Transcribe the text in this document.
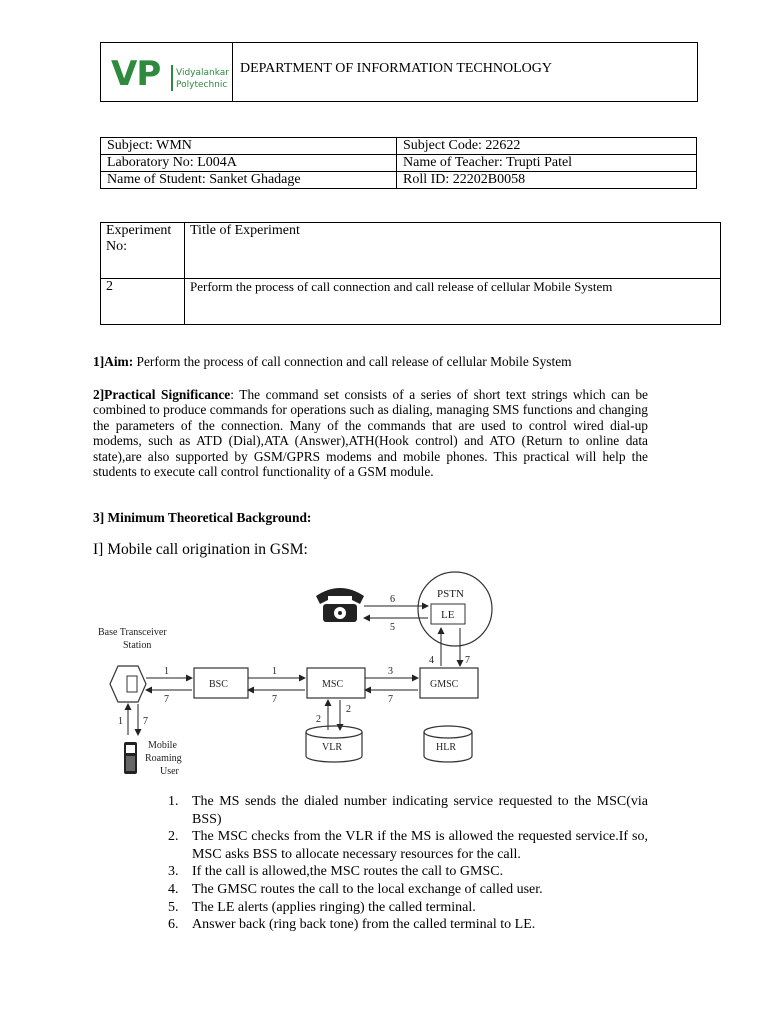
VP Vidyalankar
Polytechnic
DEPARTMENT OF INFORMATION TECHNOLOGY
Subject: WMN	Subject Code: 22622
Laboratory No: L004A	Name of Teacher: Trupti Patel
Name of Student: Sanket Ghadage	Roll ID: 22202B0058
Experiment No:	Title of Experiment
2	Perform the process of call connection and call release of cellular Mobile System
1]Aim: Perform the process of call connection and call release of cellular Mobile System

2]Practical Significance: The command set consists of a series of short text strings which can be combined to produce commands for operations such as dialing, managing SMS functions and changing the parameters of the connection. Many of the commands that are used to control wired dial-up modems, such as ATD (Dial),ATA (Answer),ATH(Hook control) and ATO (Return to online data state),are also supported by GSM/GPRS modems and mobile phones. This practical will help the students to execute call control functionality of a GSM module.

3] Minimum Theoretical Background:
I] Mobile call origination in GSM:
PSTN
LE
6
5
Base Transceiver
Station
BSC	MSC	GMSC
1
7
1
7
3
7
4	7
2
2
VLR	HLR
1 7
Mobile
Roaming
User
1. The MS sends the dialed number indicating service requested to the MSC(via BSS)
2. The MSC checks from the VLR if the MS is allowed the requested service.If so, MSC asks BSS to allocate necessary resources for the call.
3. If the call is allowed,the MSC routes the call to GMSC.
4. The GMSC routes the call to the local exchange of called user.
5. The LE alerts (applies ringing) the called terminal.
6. Answer back (ring back tone) from the called terminal to LE.
